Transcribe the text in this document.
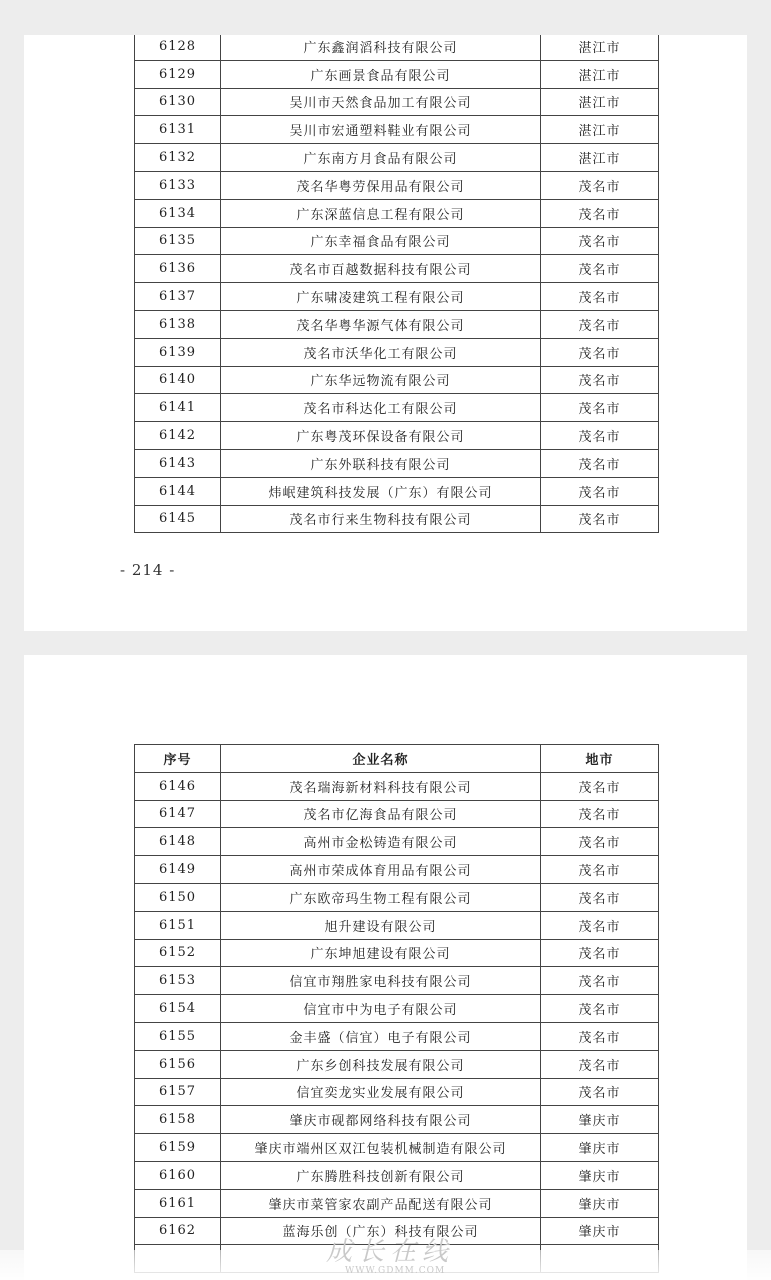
6128	广东鑫润滔科技有限公司	湛江市
6129	广东画景食品有限公司	湛江市
6130	吴川市天然食品加工有限公司	湛江市
6131	吴川市宏通塑料鞋业有限公司	湛江市
6132	广东南方月食品有限公司	湛江市
6133	茂名华粤劳保用品有限公司	茂名市
6134	广东深蓝信息工程有限公司	茂名市
6135	广东幸福食品有限公司	茂名市
6136	茂名市百越数据科技有限公司	茂名市
6137	广东啸凌建筑工程有限公司	茂名市
6138	茂名华粤华源气体有限公司	茂名市
6139	茂名市沃华化工有限公司	茂名市
6140	广东华远物流有限公司	茂名市
6141	茂名市科达化工有限公司	茂名市
6142	广东粤茂环保设备有限公司	茂名市
6143	广东外联科技有限公司	茂名市
6144	炜岷建筑科技发展（广东）有限公司	茂名市
6145	茂名市行来生物科技有限公司	茂名市
- 214 -
序号	企业名称	地市
6146	茂名瑞海新材料科技有限公司	茂名市
6147	茂名市亿海食品有限公司	茂名市
6148	高州市金松铸造有限公司	茂名市
6149	高州市荣成体育用品有限公司	茂名市
6150	广东欧帝玛生物工程有限公司	茂名市
6151	旭升建设有限公司	茂名市
6152	广东坤旭建设有限公司	茂名市
6153	信宜市翔胜家电科技有限公司	茂名市
6154	信宜市中为电子有限公司	茂名市
6155	金丰盛（信宜）电子有限公司	茂名市
6156	广东乡创科技发展有限公司	茂名市
6157	信宜奕龙实业发展有限公司	茂名市
6158	肇庆市砚都网络科技有限公司	肇庆市
6159	肇庆市端州区双江包装机械制造有限公司	肇庆市
6160	广东腾胜科技创新有限公司	肇庆市
6161	肇庆市菜管家农副产品配送有限公司	肇庆市
6162	蓝海乐创（广东）科技有限公司	肇庆市

成长在线
WWW.GDMM.COM
